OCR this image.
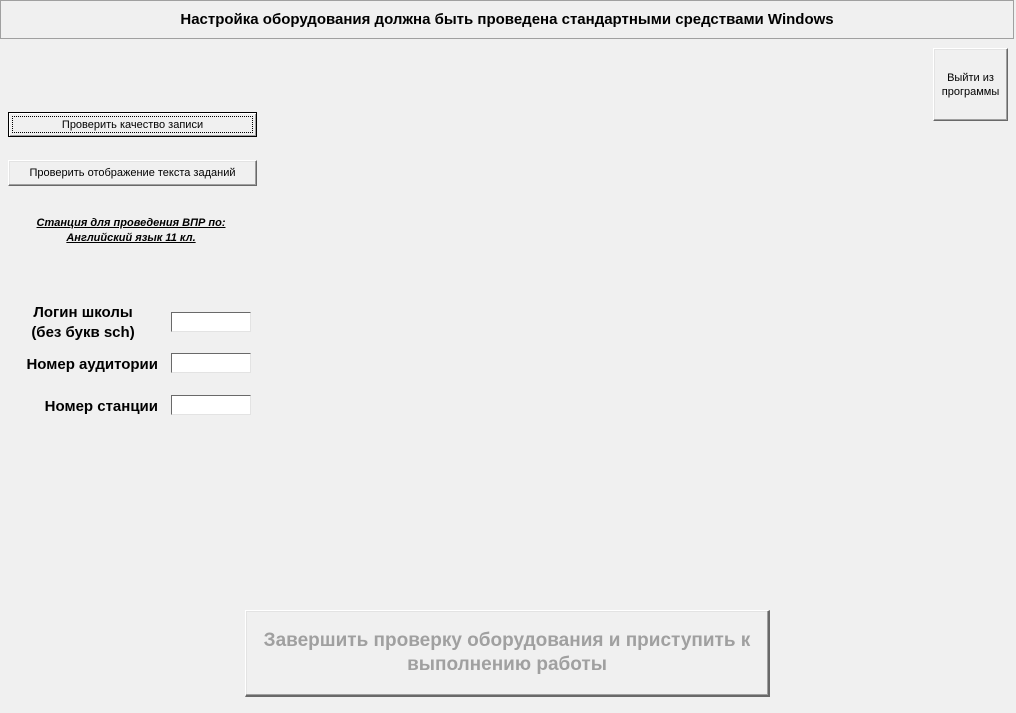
Настройка оборудования должна быть проведена стандартными средствами Windows
Выйти из программы
Проверить качество записи
Проверить отображение текста заданий
Станция для проведения ВПР по:
Английский язык 11 кл.
Логин школы
(без букв sch)
Номер аудитории
Номер станции
Завершить проверку оборудования и приступить к выполнению работы
